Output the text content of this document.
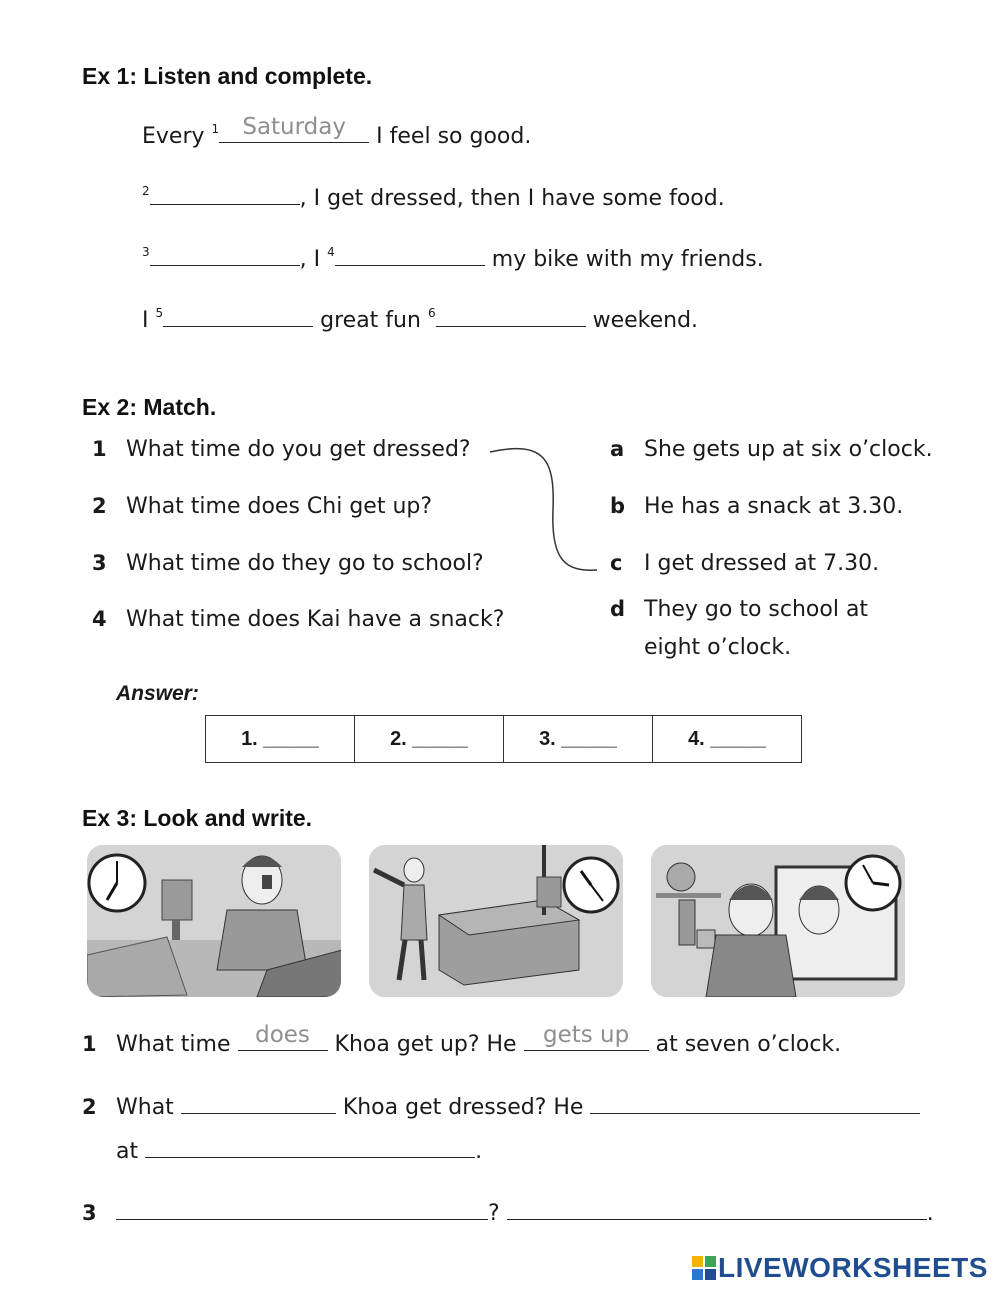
Ex 1: Listen and complete.
Every $^1$	Saturday	I feel so good.
$^2$	, I get dressed, then I have some food.
$^3$	, I $^4$	my bike with my friends.
I $^5$	great fun $^6$	weekend.
Ex 2: Match.
1 What time do you get dressed?
2 What time does Chi get up?
3 What time do they go to school?
4 What time does Kai have a snack?
a She gets up at six o’clock.
b He has a snack at 3.30.
c I get dressed at 7.30.
d They go to school at
eight o’clock.
Answer:
1. _____	2. _____	3. _____	4. _____
Ex 3: Look and write.
1 What time	does	Khoa get up? He	gets up	at seven o’clock.
2 What	Khoa get dressed? He
at	.
3	?	.
LIVEWORKSHEETS
